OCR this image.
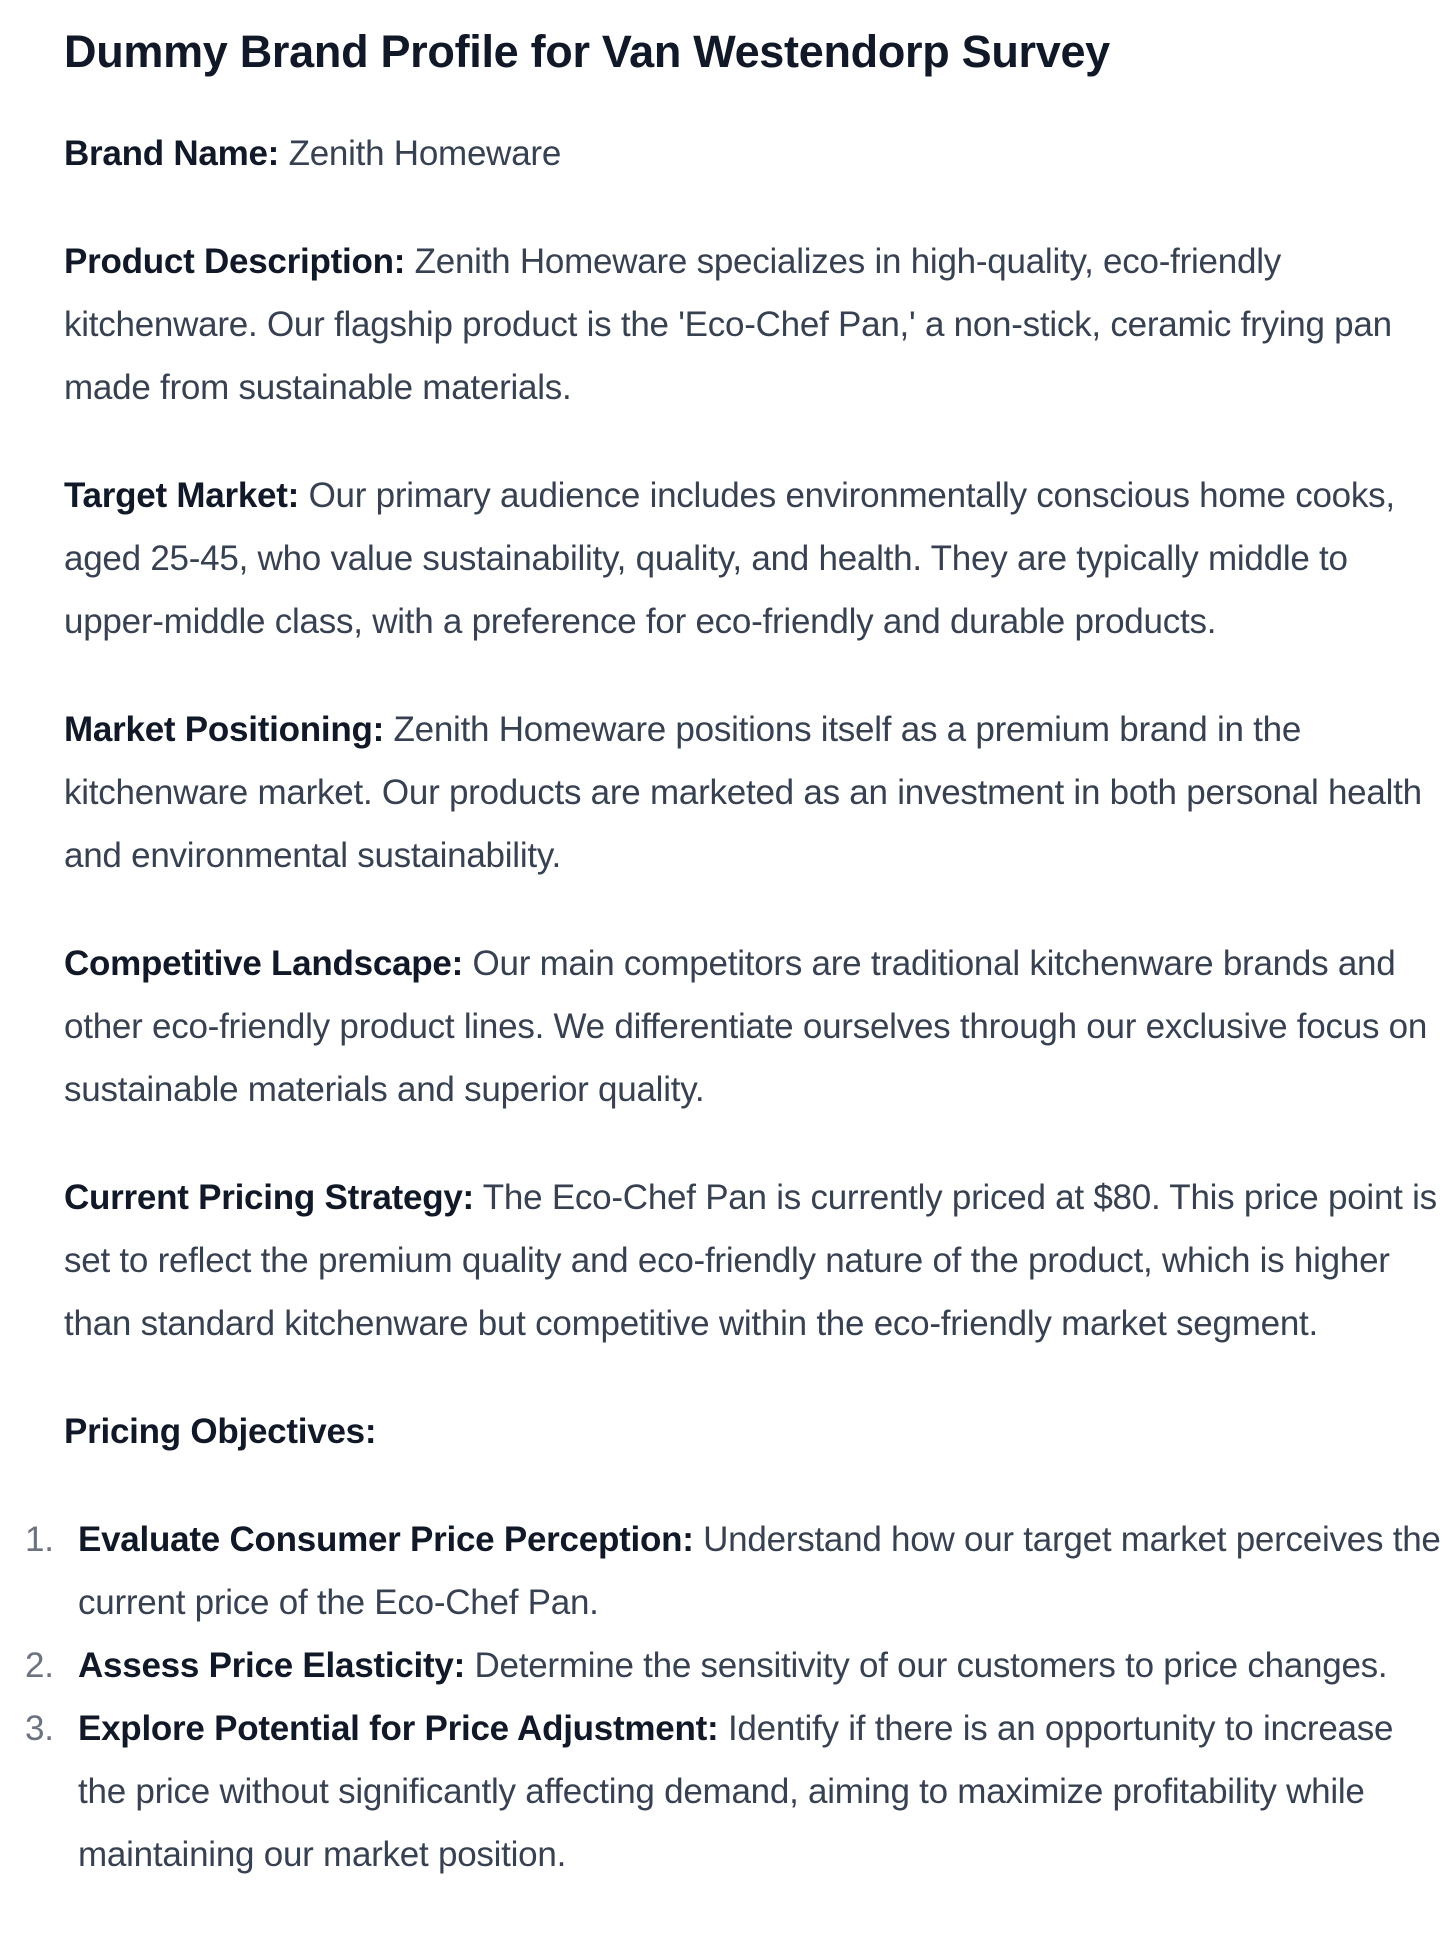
Dummy Brand Profile for Van Westendorp Survey

Brand Name: Zenith Homeware

Product Description: Zenith Homeware specializes in high-quality, eco-friendly kitchenware. Our flagship product is the 'Eco-Chef Pan,' a non-stick, ceramic frying pan made from sustainable materials.

Target Market: Our primary audience includes environmentally conscious home cooks, aged 25-45, who value sustainability, quality, and health. They are typically middle to upper-middle class, with a preference for eco-friendly and durable products.

Market Positioning: Zenith Homeware positions itself as a premium brand in the kitchenware market. Our products are marketed as an investment in both personal health and environmental sustainability.

Competitive Landscape: Our main competitors are traditional kitchenware brands and other eco-friendly product lines. We differentiate ourselves through our exclusive focus on sustainable materials and superior quality.

Current Pricing Strategy: The Eco-Chef Pan is currently priced at $80. This price point is set to reflect the premium quality and eco-friendly nature of the product, which is higher than standard kitchenware but competitive within the eco-friendly market segment.

Pricing Objectives:

1. Evaluate Consumer Price Perception: Understand how our target market perceives the current price of the Eco-Chef Pan.
2. Assess Price Elasticity: Determine the sensitivity of our customers to price changes.
3. Explore Potential for Price Adjustment: Identify if there is an opportunity to increase the price without significantly affecting demand, aiming to maximize profitability while maintaining our market position.
